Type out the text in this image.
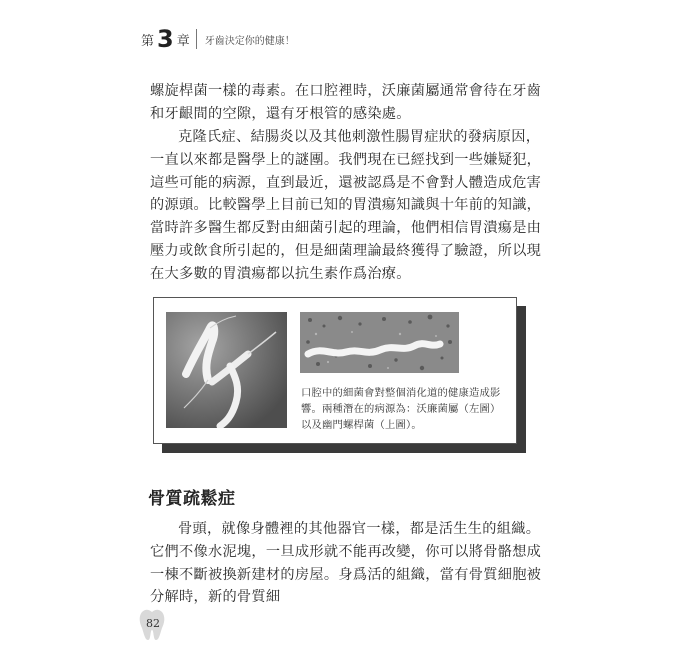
第 3 章 牙齒決定你的健康！

螺旋桿菌一樣的毒素。在口腔裡時，沃廉菌屬通常會待在牙齒和牙齦間的空隙，還有牙根管的感染處。

克隆氏症、結腸炎以及其他刺激性腸胃症狀的發病原因，一直以來都是醫學上的謎團。我們現在已經找到一些嫌疑犯，這些可能的病源，直到最近，還被認爲是不會對人體造成危害的源頭。比較醫學上目前已知的胃潰瘍知識與十年前的知識，當時許多醫生都反對由細菌引起的理論，他們相信胃潰瘍是由壓力或飲食所引起的，但是細菌理論最終獲得了驗證，所以現在大多數的胃潰瘍都以抗生素作爲治療。

口腔中的細菌會對整個消化道的健康造成影響。兩種潛在的病源為：沃廉菌屬（左圖）以及幽門螺桿菌（上圖）。

骨質疏鬆症

骨頭，就像身體裡的其他器官一樣，都是活生生的組織。它們不像水泥塊，一旦成形就不能再改變，你可以將骨骼想成一棟不斷被換新建材的房屋。身爲活的組織，當有骨質細胞被分解時，新的骨質細

82
